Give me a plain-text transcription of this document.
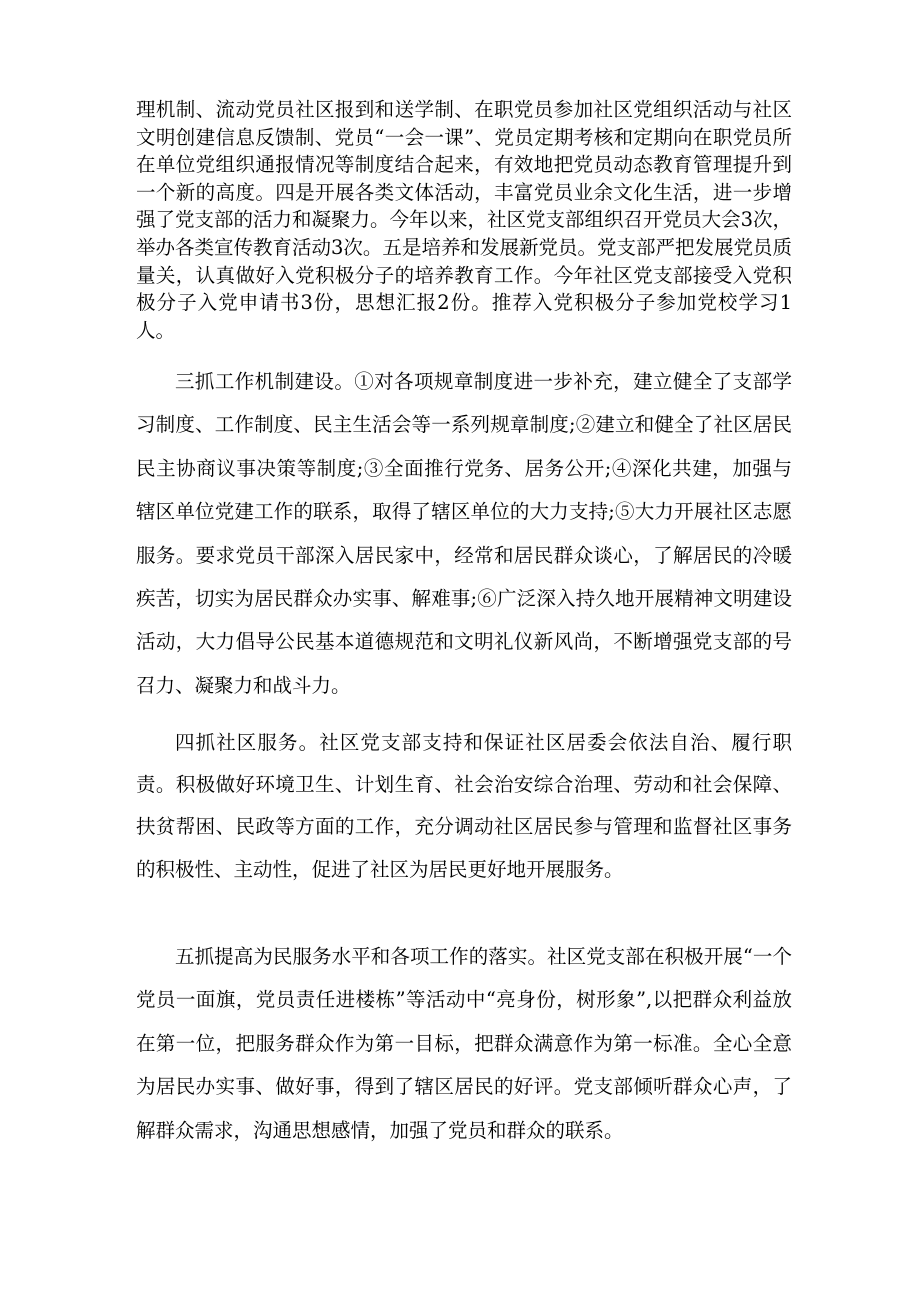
理机制、流动党员社区报到和送学制、在职党员参加社区党组织活动与社区文明创建信息反馈制、党员“一会一课”、党员定期考核和定期向在职党员所在单位党组织通报情况等制度结合起来，有效地把党员动态教育管理提升到一个新的高度。四是开展各类文体活动，丰富党员业余文化生活，进一步增强了党支部的活力和凝聚力。今年以来，社区党支部组织召开党员大会3次，举办各类宣传教育活动3次。五是培养和发展新党员。党支部严把发展党员质量关，认真做好入党积极分子的培养教育工作。今年社区党支部接受入党积极分子入党申请书3份，思想汇报2份。推荐入党积极分子参加党校学习1人。

三抓工作机制建设。①对各项规章制度进一步补充，建立健全了支部学习制度、工作制度、民主生活会等一系列规章制度;②建立和健全了社区居民民主协商议事决策等制度;③全面推行党务、居务公开;④深化共建，加强与辖区单位党建工作的联系，取得了辖区单位的大力支持;⑤大力开展社区志愿服务。要求党员干部深入居民家中，经常和居民群众谈心，了解居民的冷暖疾苦，切实为居民群众办实事、解难事;⑥广泛深入持久地开展精神文明建设活动，大力倡导公民基本道德规范和文明礼仪新风尚，不断增强党支部的号召力、凝聚力和战斗力。

四抓社区服务。社区党支部支持和保证社区居委会依法自治、履行职责。积极做好环境卫生、计划生育、社会治安综合治理、劳动和社会保障、扶贫帮困、民政等方面的工作，充分调动社区居民参与管理和监督社区事务的积极性、主动性，促进了社区为居民更好地开展服务。

五抓提高为民服务水平和各项工作的落实。社区党支部在积极开展“一个党员一面旗，党员责任进楼栋”等活动中“亮身份，树形象”,以把群众利益放在第一位，把服务群众作为第一目标，把群众满意作为第一标准。全心全意为居民办实事、做好事，得到了辖区居民的好评。党支部倾听群众心声，了解群众需求，沟通思想感情，加强了党员和群众的联系。
